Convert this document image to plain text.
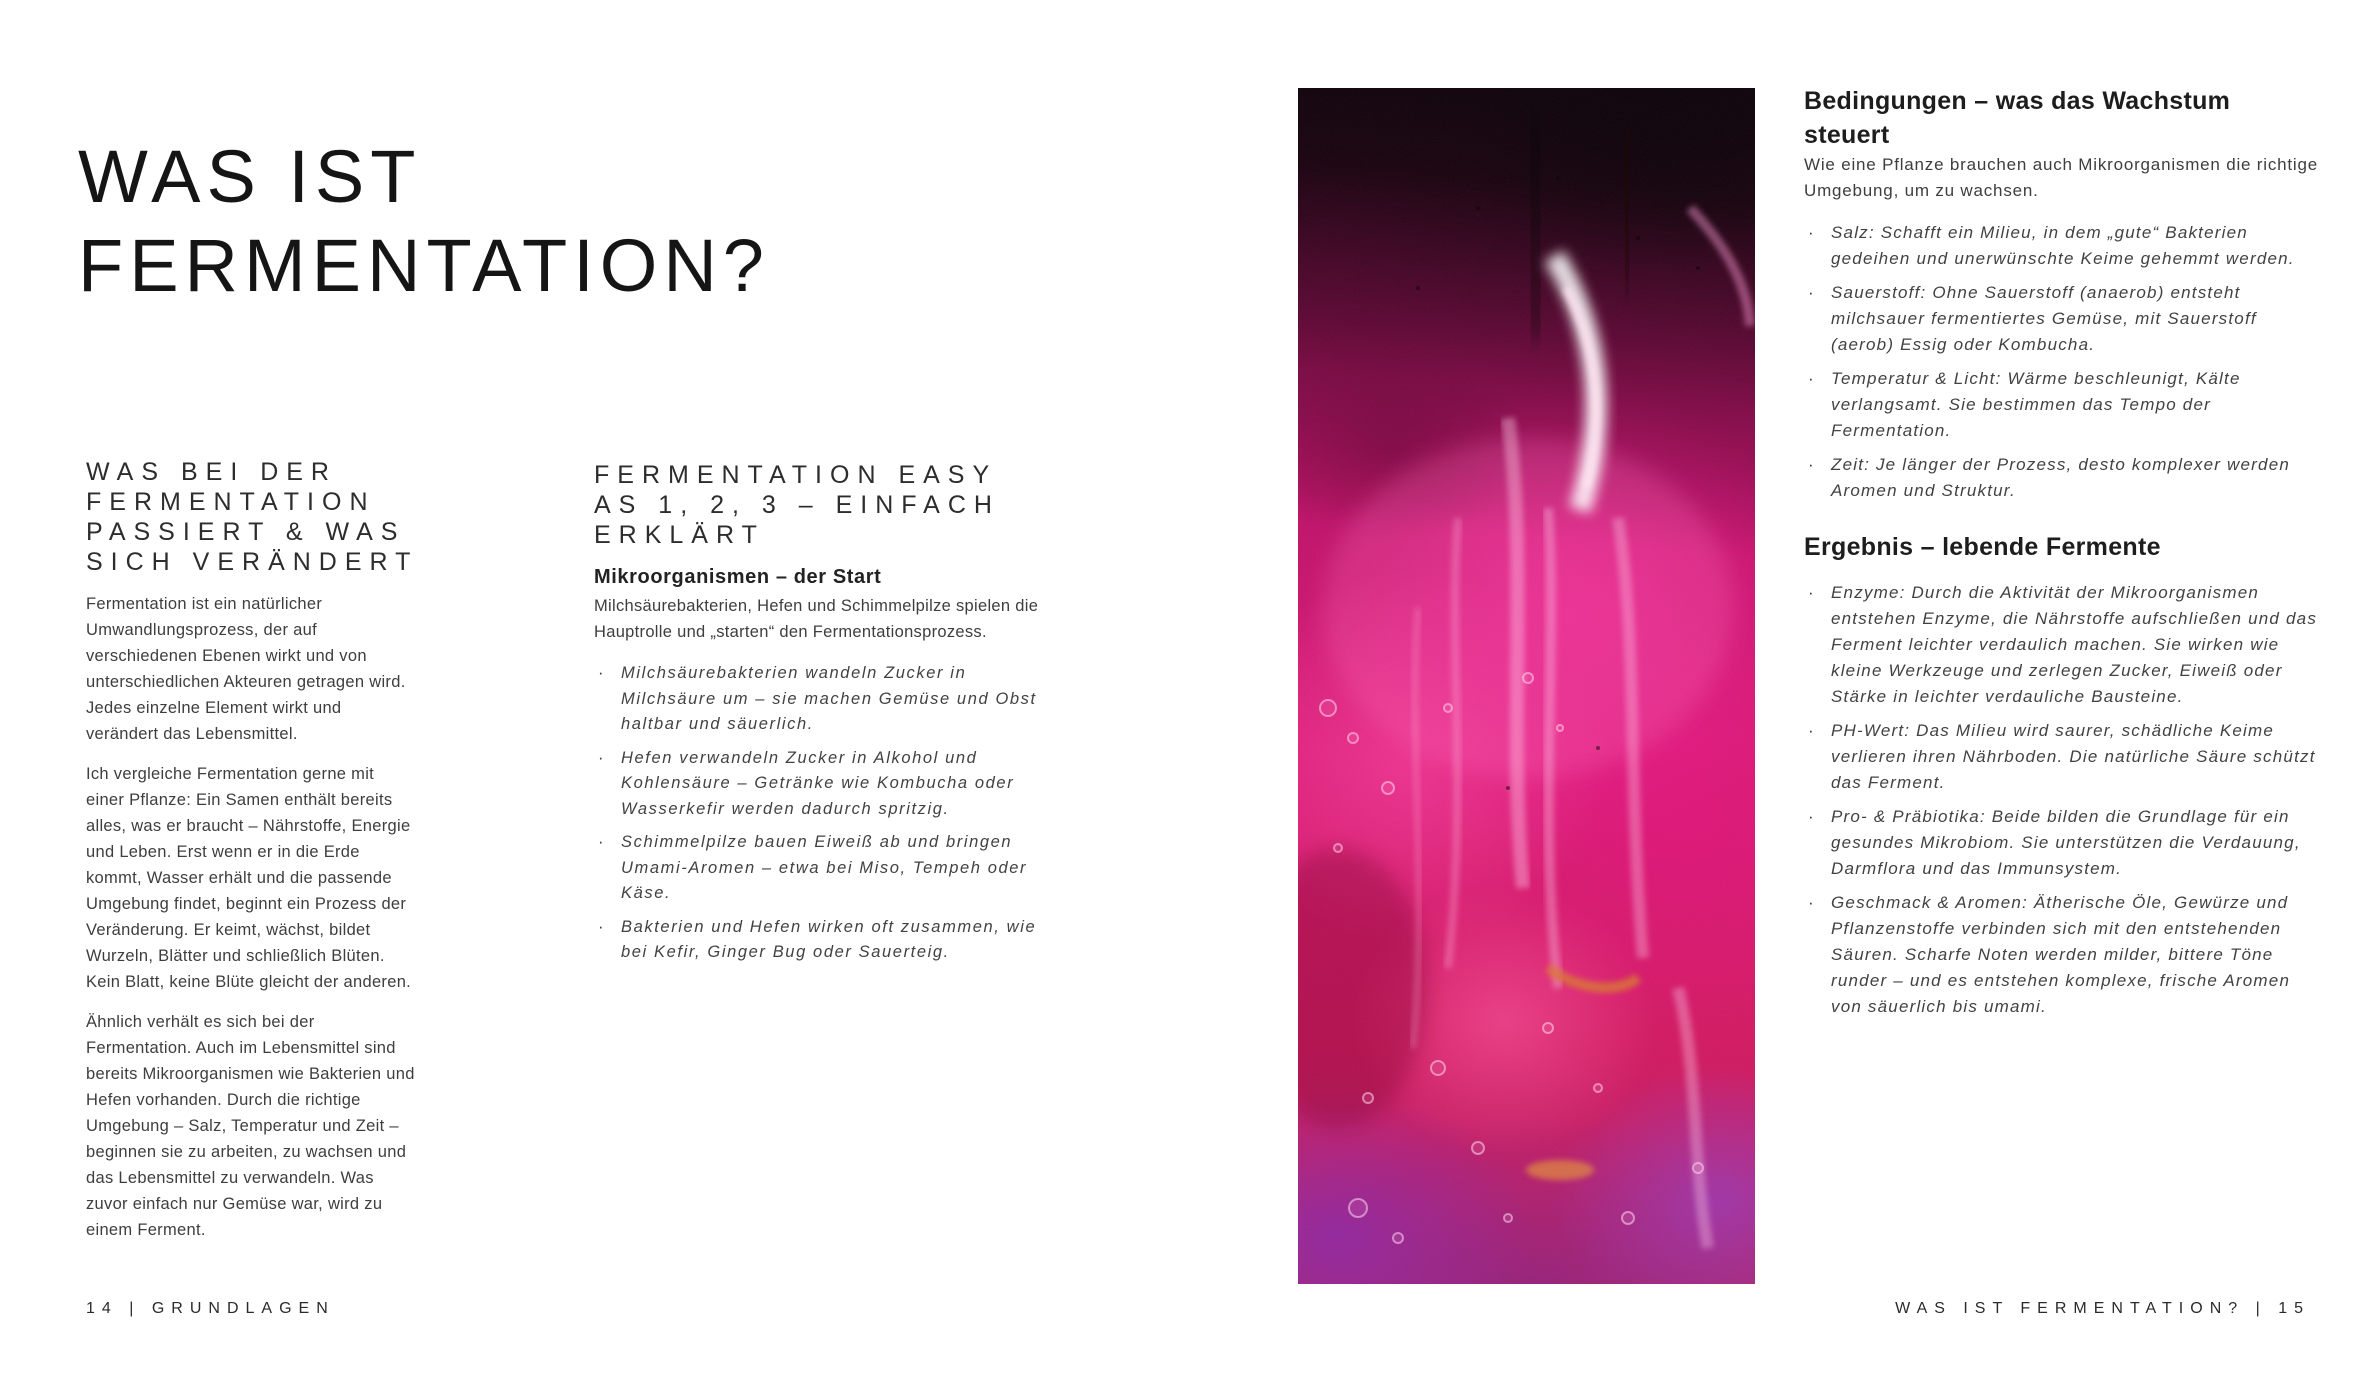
WAS IST
FERMENTATION?
WAS BEI DER
FERMENTATION
PASSIERT & WAS
SICH VERÄNDERT

Fermentation ist ein natürlicher Umwandlungsprozess, der auf verschiedenen Ebenen wirkt und von unterschiedlichen Akteuren getragen wird. Jedes einzelne Element wirkt und verändert das Lebensmittel.

Ich vergleiche Fermentation gerne mit einer Pflanze: Ein Samen enthält bereits alles, was er braucht – Nährstoffe, Energie und Leben. Erst wenn er in die Erde kommt, Wasser erhält und die passende Umgebung findet, beginnt ein Prozess der Veränderung. Er keimt, wächst, bildet Wurzeln, Blätter und schließlich Blüten. Kein Blatt, keine Blüte gleicht der anderen.

Ähnlich verhält es sich bei der Fermentation. Auch im Lebensmittel sind bereits Mikroorganismen wie Bakterien und Hefen vorhanden. Durch die richtige Umgebung – Salz, Temperatur und Zeit – beginnen sie zu arbeiten, zu wachsen und das Lebensmittel zu verwandeln. Was zuvor einfach nur Gemüse war, wird zu einem Ferment.

FERMENTATION EASY
AS 1, 2, 3 – EINFACH
ERKLÄRT
Mikroorganismen – der Start

Milchsäurebakterien, Hefen und Schimmelpilze spielen die Hauptrolle und „starten“ den Fermentationsprozess.

· Milchsäurebakterien wandeln Zucker in Milchsäure um – sie machen Gemüse und Obst haltbar und säuerlich.
· Hefen verwandeln Zucker in Alkohol und Kohlensäure – Getränke wie Kombucha oder Wasserkefir werden dadurch spritzig.
· Schimmelpilze bauen Eiweiß ab und bringen Umami-Aromen – etwa bei Miso, Tempeh oder Käse.
· Bakterien und Hefen wirken oft zusammen, wie bei Kefir, Ginger Bug oder Sauerteig.
Bedingungen – was das Wachstum steuert

Wie eine Pflanze brauchen auch Mikroorganismen die richtige Umgebung, um zu wachsen.

· Salz: Schafft ein Milieu, in dem „gute“ Bakterien gedeihen und unerwünschte Keime gehemmt werden.
· Sauerstoff: Ohne Sauerstoff (anaerob) entsteht milchsauer fermentiertes Gemüse, mit Sauerstoff (aerob) Essig oder Kombucha.
· Temperatur & Licht: Wärme beschleunigt, Kälte verlangsamt. Sie bestimmen das Tempo der Fermentation.
· Zeit: Je länger der Prozess, desto komplexer werden Aromen und Struktur.
Ergebnis – lebende Fermente
· Enzyme: Durch die Aktivität der Mikroorganismen entstehen Enzyme, die Nährstoffe aufschließen und das Ferment leichter verdaulich machen. Sie wirken wie kleine Werkzeuge und zerlegen Zucker, Eiweiß oder Stärke in leichter verdauliche Bausteine.
· PH-Wert: Das Milieu wird saurer, schädliche Keime verlieren ihren Nährboden. Die natürliche Säure schützt das Ferment.
· Pro- & Präbiotika: Beide bilden die Grundlage für ein gesundes Mikrobiom. Sie unterstützen die Verdauung, Darmflora und das Immunsystem.
· Geschmack & Aromen: Ätherische Öle, Gewürze und Pflanzenstoffe verbinden sich mit den entstehenden Säuren. Scharfe Noten werden milder, bittere Töne runder – und es entstehen komplexe, frische Aromen von säuerlich bis umami.
14 | GRUNDLAGEN	WAS IST FERMENTATION? | 15
